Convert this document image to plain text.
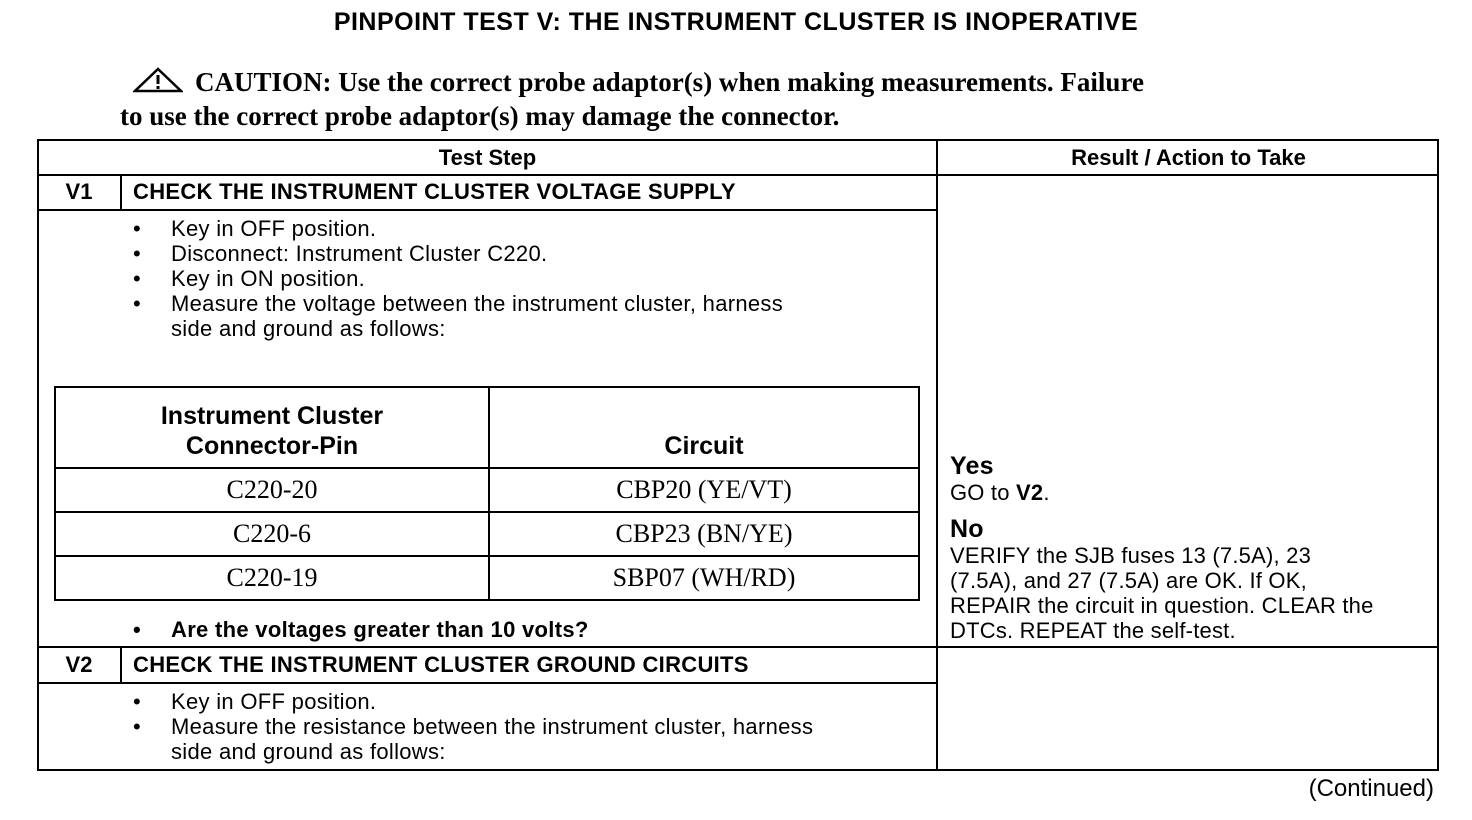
PINPOINT TEST V: THE INSTRUMENT CLUSTER IS INOPERATIVE
CAUTION: Use the correct probe adaptor(s) when making measurements. Failure
to use the correct probe adaptor(s) may damage the connector.
Test Step	Result / Action to Take
V1	CHECK THE INSTRUMENT CLUSTER VOLTAGE SUPPLY
• Key in OFF position.
• Disconnect: Instrument Cluster C220.
• Key in ON position.
• Measure the voltage between the instrument cluster, harness
side and ground as follows:
Instrument Cluster
Connector-Pin	Circuit
C220-20	CBP20 (YE/VT)
C220-6	CBP23 (BN/YE)
C220-19	SBP07 (WH/RD)
• Are the voltages greater than 10 volts?

Yes

GO to V2.

No

VERIFY the SJB fuses 13 (7.5A), 23

(7.5A), and 27 (7.5A) are OK. If OK,

REPAIR the circuit in question. CLEAR the

DTCs. REPEAT the self-test.

V2	CHECK THE INSTRUMENT CLUSTER GROUND CIRCUITS
• Key in OFF position.
• Measure the resistance between the instrument cluster, harness
side and ground as follows:
(Continued)
